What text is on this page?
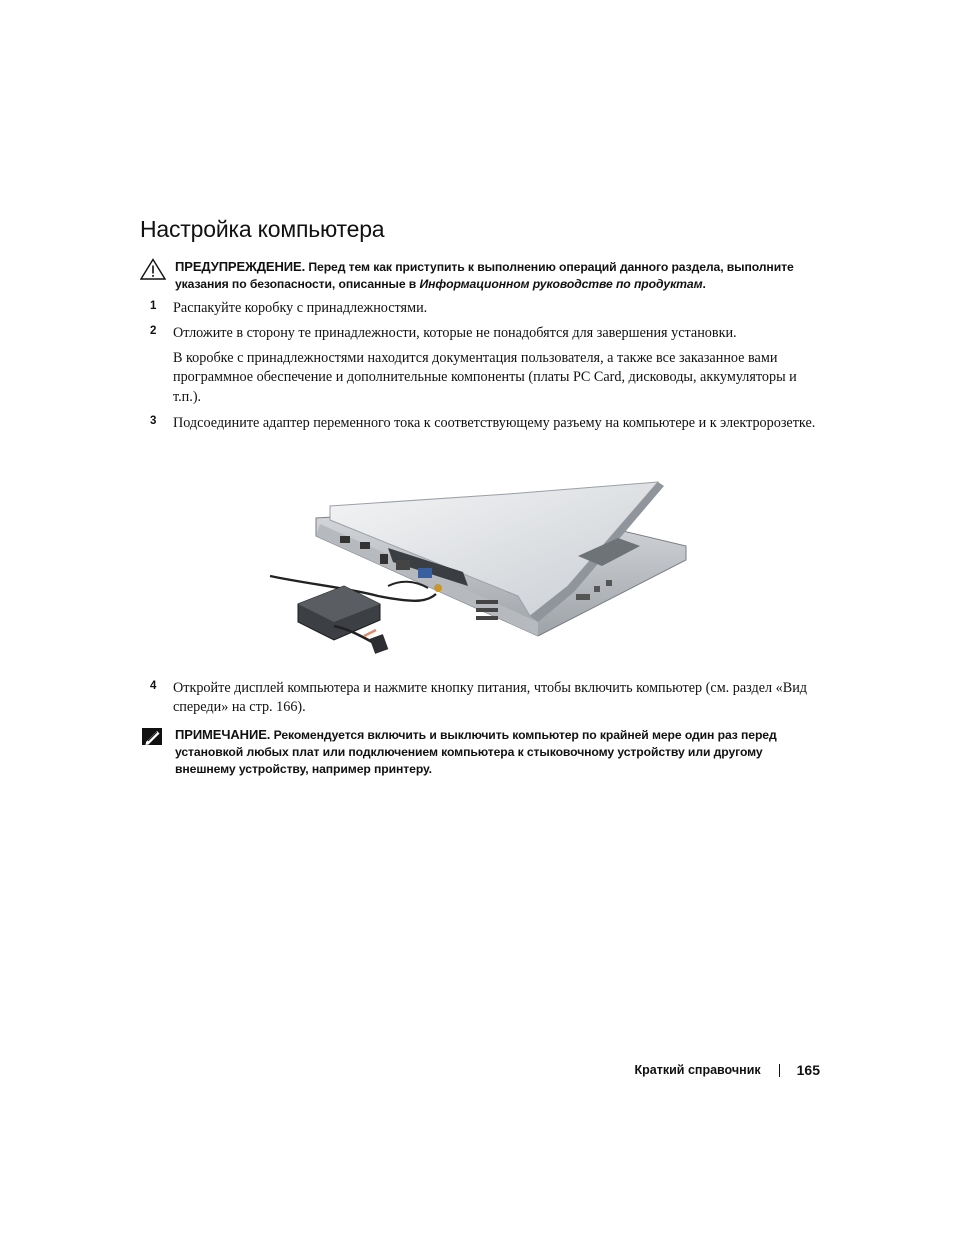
Настройка компьютера
ПРЕДУПРЕЖДЕНИЕ. Перед тем как приступить к выполнению операций данного раздела, выполните указания по безопасности, описанные в Информационном руководстве по продуктам.
1 Распакуйте коробку с принадлежностями.
2 Отложите в сторону те принадлежности, которые не понадобятся для завершения установки.
В коробке с принадлежностями находится документация пользователя, а также все заказанное вами программное обеспечение и дополнительные компоненты (платы PC Card, дисководы, аккумуляторы и т.п.).
3 Подсоедините адаптер переменного тока к соответствующему разъему на компьютере и к электророзетке.
4 Откройте дисплей компьютера и нажмите кнопку питания, чтобы включить компьютер (см. раздел «Вид спереди» на стр. 166).
ПРИМЕЧАНИЕ. Рекомендуется включить и выключить компьютер по крайней мере один раз перед установкой любых плат или подключением компьютера к стыковочному устройству или другому внешнему устройству, например принтеру.
Краткий справочник	165
